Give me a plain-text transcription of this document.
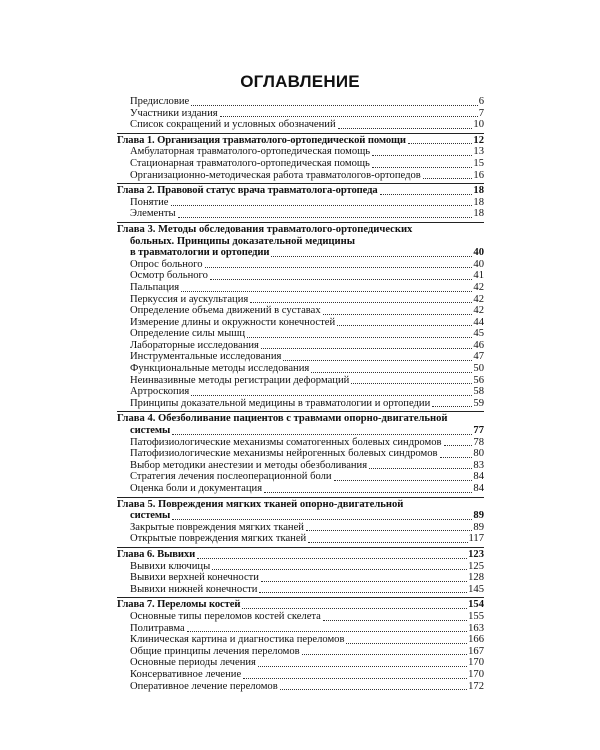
ОГЛАВЛЕНИЕ
Предисловие	6
Участники издания	7
Список сокращений и условных обозначений	10
Глава 1. Организация травматолого-ортопедической помощи	12
Амбулаторная травматолого-ортопедическая помощь	13
Стационарная травматолого-ортопедическая помощь	15
Организационно-методическая работа травматологов-ортопедов	16
Глава 2. Правовой статус врача травматолога-ортопеда	18
Понятие	18
Элементы	18
Глава 3. Методы обследования травматолого-ортопедических
больных. Принципы доказательной медицины
в травматологии и ортопедии	40
Опрос больного	40
Осмотр больного	41
Пальпация	42
Перкуссия и аускультация	42
Определение объема движений в суставах	42
Измерение длины и окружности конечностей	44
Определение силы мышц	45
Лабораторные исследования	46
Инструментальные исследования	47
Функциональные методы исследования	50
Неинвазивные методы регистрации деформаций	56
Артроскопия	58
Принципы доказательной медицины в травматологии и ортопедии	59
Глава 4. Обезболивание пациентов с травмами опорно-двигательной
системы	77
Патофизиологические механизмы соматогенных болевых синдромов	78
Патофизиологические механизмы нейрогенных болевых синдромов	80
Выбор методики анестезии и методы обезболивания	83
Стратегия лечения послеоперационной боли	84
Оценка боли и документация	84
Глава 5. Повреждения мягких тканей опорно-двигательной
системы	89
Закрытые повреждения мягких тканей	89
Открытые повреждения мягких тканей	117
Глава 6. Вывихи	123
Вывихи ключицы	125
Вывихи верхней конечности	128
Вывихи нижней конечности	145
Глава 7. Переломы костей	154
Основные типы переломов костей скелета	155
Политравма	163
Клиническая картина и диагностика переломов	166
Общие принципы лечения переломов	167
Основные периоды лечения	170
Консервативное лечение	170
Оперативное лечение переломов	172
